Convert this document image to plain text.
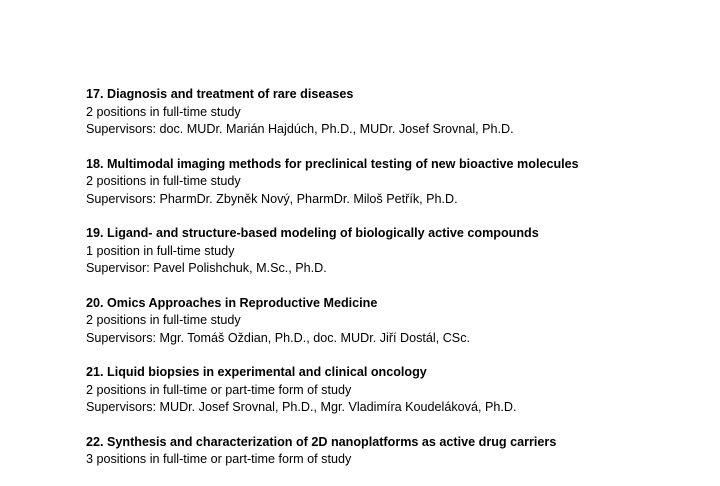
17. Diagnosis and treatment of rare diseases

2 positions in full-time study

Supervisors: doc. MUDr. Marián Hajdúch, Ph.D., MUDr. Josef Srovnal, Ph.D.

18. Multimodal imaging methods for preclinical testing of new bioactive molecules

2 positions in full-time study

Supervisors: PharmDr. Zbyněk Nový, PharmDr. Miloš Petřík, Ph.D.

19. Ligand- and structure-based modeling of biologically active compounds

1 position in full-time study

Supervisor: Pavel Polishchuk, M.Sc., Ph.D.

20. Omics Approaches in Reproductive Medicine

2 positions in full-time study

Supervisors: Mgr. Tomáš Oždian, Ph.D., doc. MUDr. Jiří Dostál, CSc.

21. Liquid biopsies in experimental and clinical oncology

2 positions in full-time or part-time form of study

Supervisors: MUDr. Josef Srovnal, Ph.D., Mgr. Vladimíra Koudeláková, Ph.D.

22. Synthesis and characterization of 2D nanoplatforms as active drug carriers

3 positions in full-time or part-time form of study
